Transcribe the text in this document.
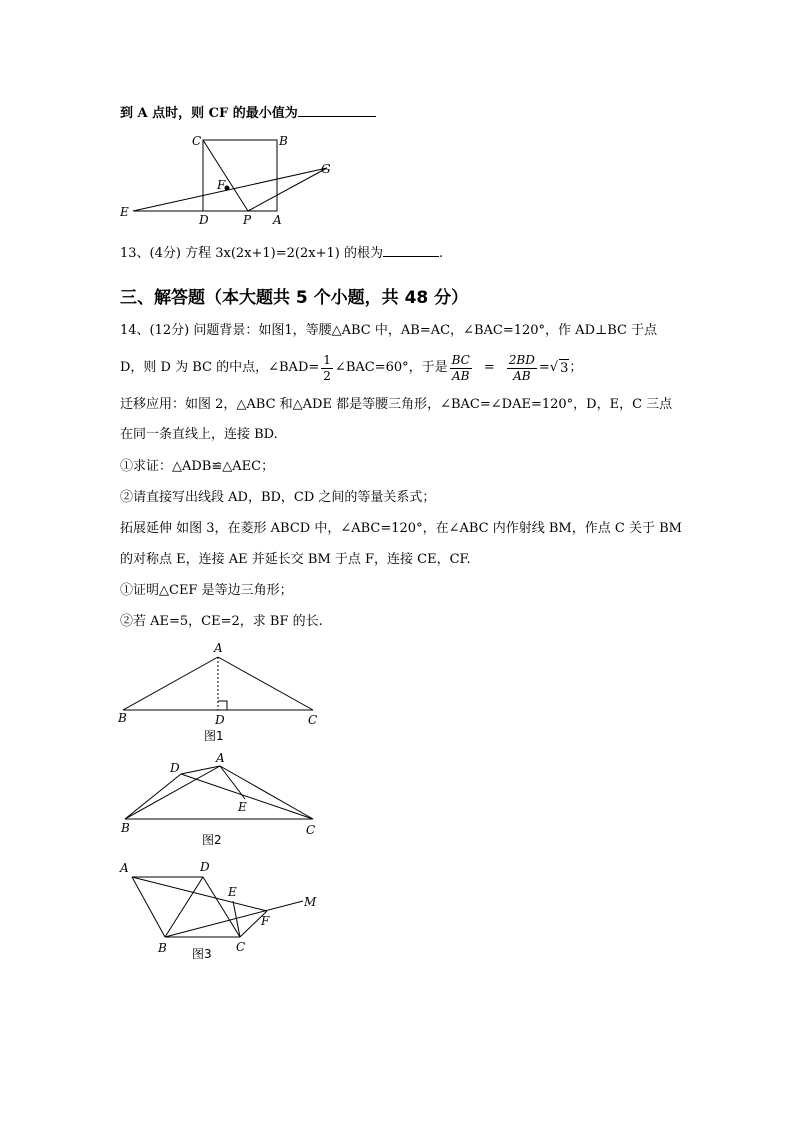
到 A 点时，则 CF 的最小值为
C	B
G
F
E
D	P A
13、(4分) 方程 3x(2x+1)=2(2x+1) 的根为	.
三、解答题（本大题共 5 个小题，共 48 分）
14、(12分) 问题背景：如图1，等腰△ABC 中，AB=AC，∠BAC=120°，作 AD⊥BC 于点
D，则 D 为 BC 的中点，∠BAD= $\frac{1}{2}$ ∠BAC=60°，于是 $\frac{BC}{AB} = \frac{2BD}{AB}$ = √ 3 ；
迁移应用：如图 2，△ABC 和△ADE 都是等腰三角形，∠BAC=∠DAE=120°，D，E，C 三点
在同一条直线上，连接 BD.
①求证：△ADB≌△AEC；
②请直接写出线段 AD，BD，CD 之间的等量关系式；
拓展延伸 如图 3，在菱形 ABCD 中，∠ABC=120°，在∠ABC 内作射线 BM，作点 C 关于 BM
的对称点 E，连接 AE 并延长交 BM 于点 F，连接 CE，CF.
①证明△CEF 是等边三角形；
②若 AE=5，CE=2，求 BF 的长.
A
B	D	C
图1
D
A
E
B	C
图2
A	D
E
M
F
B	C
图3
